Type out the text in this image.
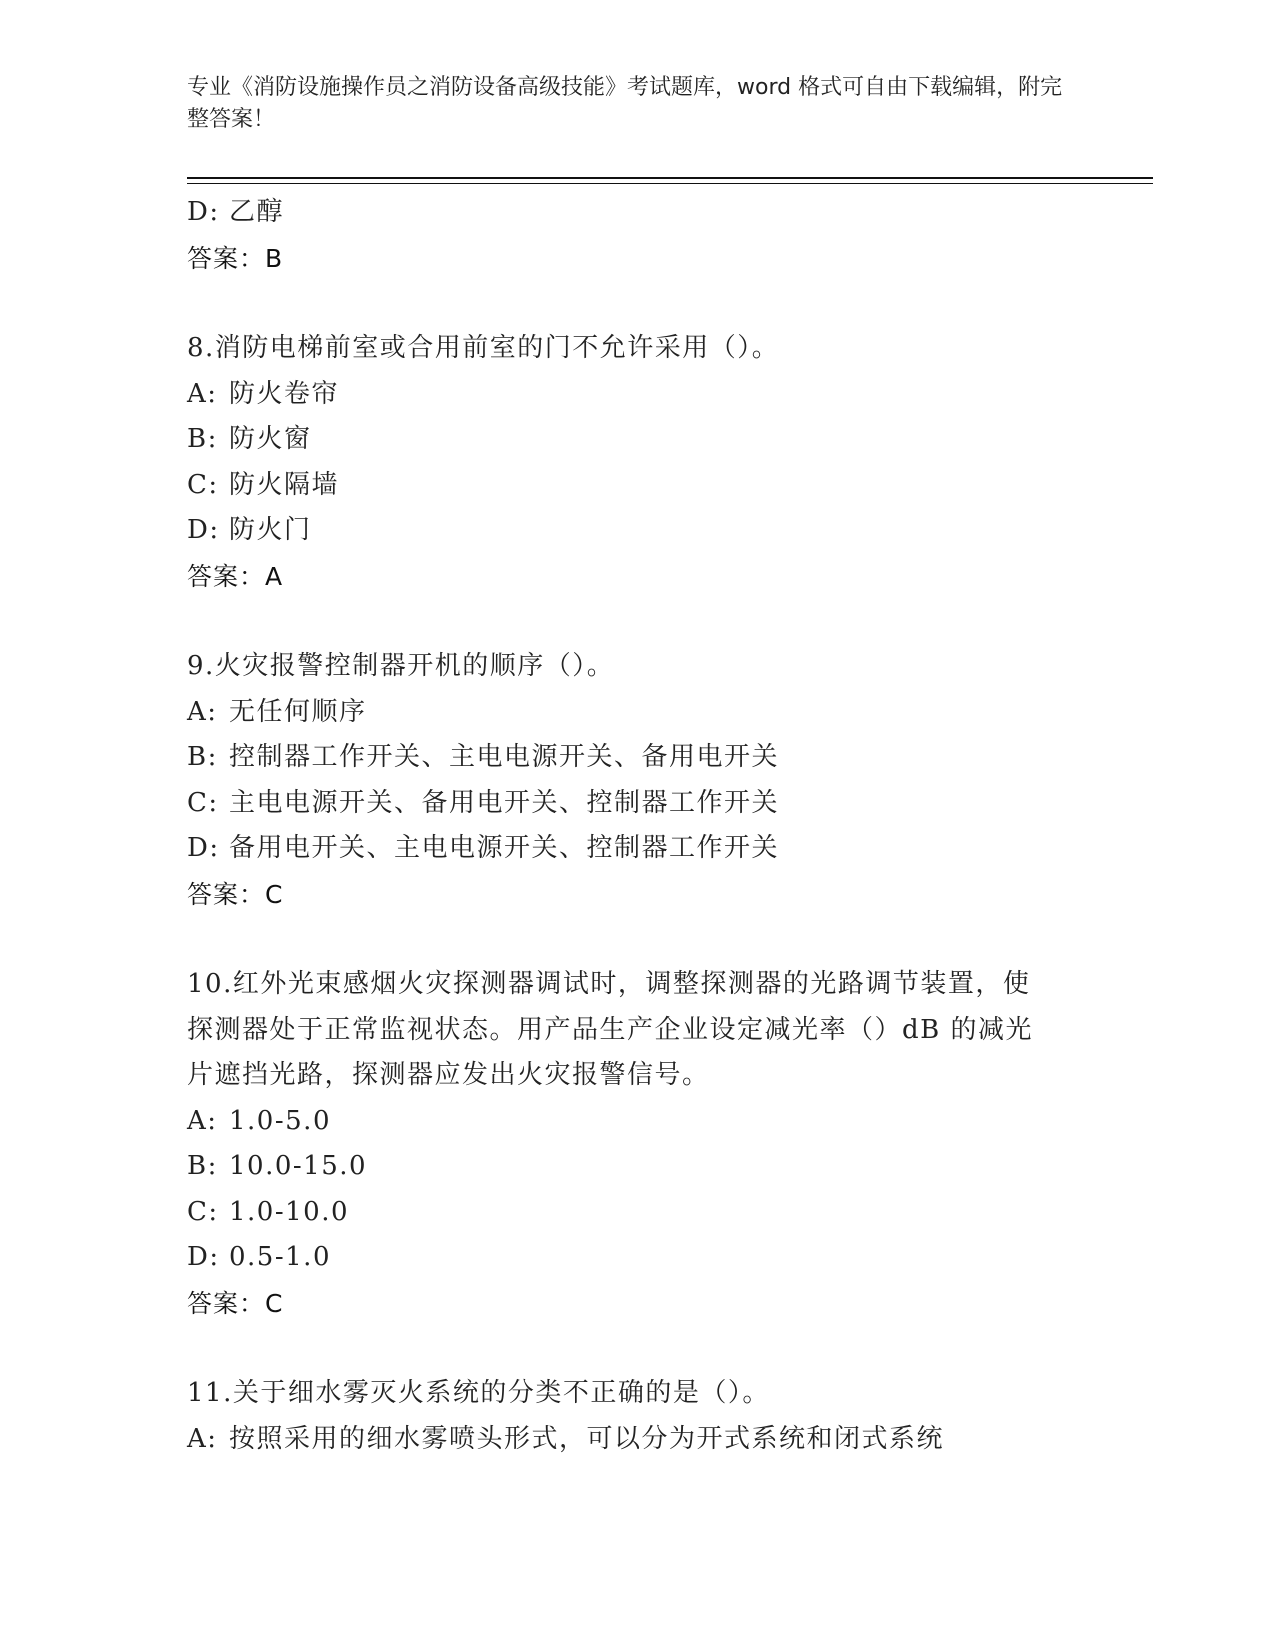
专业《消防设施操作员之消防设备高级技能》考试题库，word 格式可自由下载编辑，附完整答案！
D: 乙醇
答案：B
8.消防电梯前室或合用前室的门不允许采用（）。
A: 防火卷帘
B: 防火窗
C: 防火隔墙
D: 防火门
答案：A
9.火灾报警控制器开机的顺序（）。
A: 无任何顺序
B: 控制器工作开关、主电电源开关、备用电开关
C: 主电电源开关、备用电开关、控制器工作开关
D: 备用电开关、主电电源开关、控制器工作开关
答案：C
10.红外光束感烟火灾探测器调试时，调整探测器的光路调节装置，使
探测器处于正常监视状态。用产品生产企业设定减光率（）dB 的减光
片遮挡光路，探测器应发出火灾报警信号。
A: 1.0-5.0
B: 10.0-15.0
C: 1.0-10.0
D: 0.5-1.0
答案：C
11.关于细水雾灭火系统的分类不正确的是（）。
A: 按照采用的细水雾喷头形式，可以分为开式系统和闭式系统
